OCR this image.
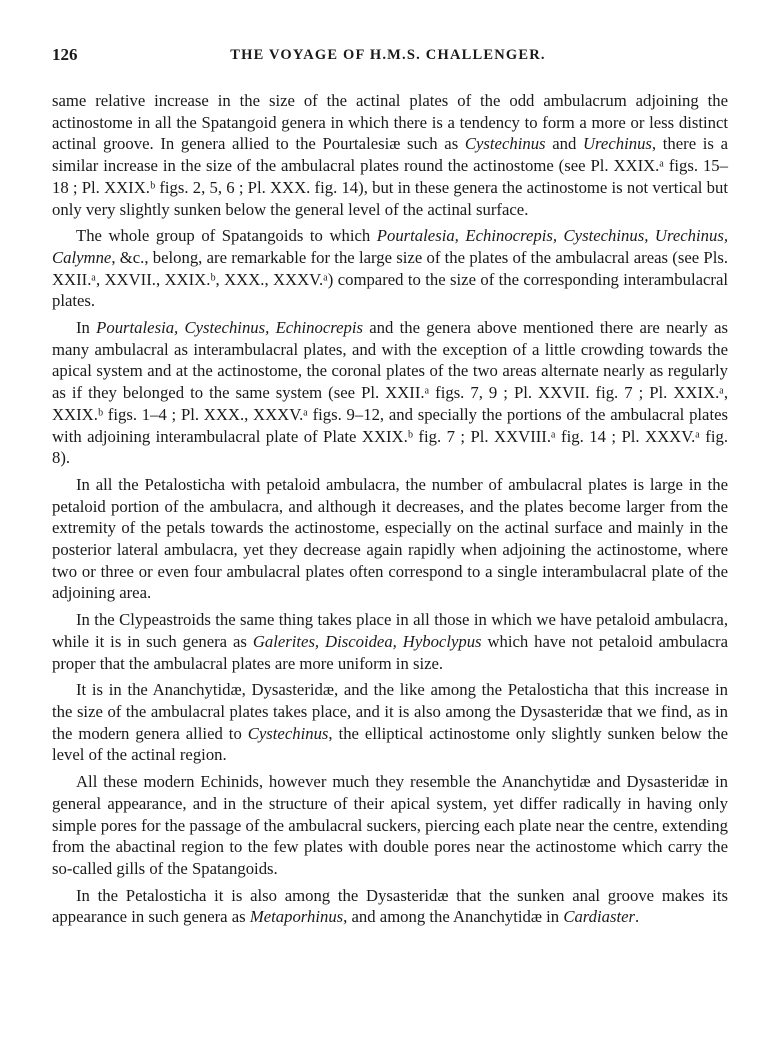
126	THE VOYAGE OF H.M.S. CHALLENGER.

same relative increase in the size of the actinal plates of the odd ambulacrum adjoining the actinostome in all the Spatangoid genera in which there is a tendency to form a more or less distinct actinal groove. In genera allied to the Pourtalesiæ such as Cystechinus and Urechinus, there is a similar increase in the size of the ambulacral plates round the actinostome (see Pl. XXIX.ᵃ figs. 15–18 ; Pl. XXIX.ᵇ figs. 2, 5, 6 ; Pl. XXX. fig. 14), but in these genera the actinostome is not vertical but only very slightly sunken below the general level of the actinal surface.

The whole group of Spatangoids to which Pourtalesia, Echinocrepis, Cystechinus, Urechinus, Calymne, &c., belong, are remarkable for the large size of the plates of the ambulacral areas (see Pls. XXII.ᵃ, XXVII., XXIX.ᵇ, XXX., XXXV.ᵃ) compared to the size of the corresponding interambulacral plates.

In Pourtalesia, Cystechinus, Echinocrepis and the genera above mentioned there are nearly as many ambulacral as interambulacral plates, and with the exception of a little crowding towards the apical system and at the actinostome, the coronal plates of the two areas alternate nearly as regularly as if they belonged to the same system (see Pl. XXII.ᵃ figs. 7, 9 ; Pl. XXVII. fig. 7 ; Pl. XXIX.ᵃ, XXIX.ᵇ figs. 1–4 ; Pl. XXX., XXXV.ᵃ figs. 9–12, and specially the portions of the ambulacral plates with adjoining interambulacral plate of Plate XXIX.ᵇ fig. 7 ; Pl. XXVIII.ᵃ fig. 14 ; Pl. XXXV.ᵃ fig. 8).

In all the Petalosticha with petaloid ambulacra, the number of ambulacral plates is large in the petaloid portion of the ambulacra, and although it decreases, and the plates become larger from the extremity of the petals towards the actinostome, especially on the actinal surface and mainly in the posterior lateral ambulacra, yet they decrease again rapidly when adjoining the actinostome, where two or three or even four ambulacral plates often correspond to a single interambulacral plate of the adjoining area.

In the Clypeastroids the same thing takes place in all those in which we have petaloid ambulacra, while it is in such genera as Galerites, Discoidea, Hyboclypus which have not petaloid ambulacra proper that the ambulacral plates are more uniform in size.

It is in the Ananchytidæ, Dysasteridæ, and the like among the Petalosticha that this increase in the size of the ambulacral plates takes place, and it is also among the Dysasteridæ that we find, as in the modern genera allied to Cystechinus, the elliptical actinostome only slightly sunken below the level of the actinal region.

All these modern Echinids, however much they resemble the Ananchytidæ and Dysasteridæ in general appearance, and in the structure of their apical system, yet differ radically in having only simple pores for the passage of the ambulacral suckers, piercing each plate near the centre, extending from the abactinal region to the few plates with double pores near the actinostome which carry the so-called gills of the Spatangoids.

In the Petalosticha it is also among the Dysasteridæ that the sunken anal groove makes its appearance in such genera as Metaporhinus, and among the Ananchytidæ in Cardiaster.
